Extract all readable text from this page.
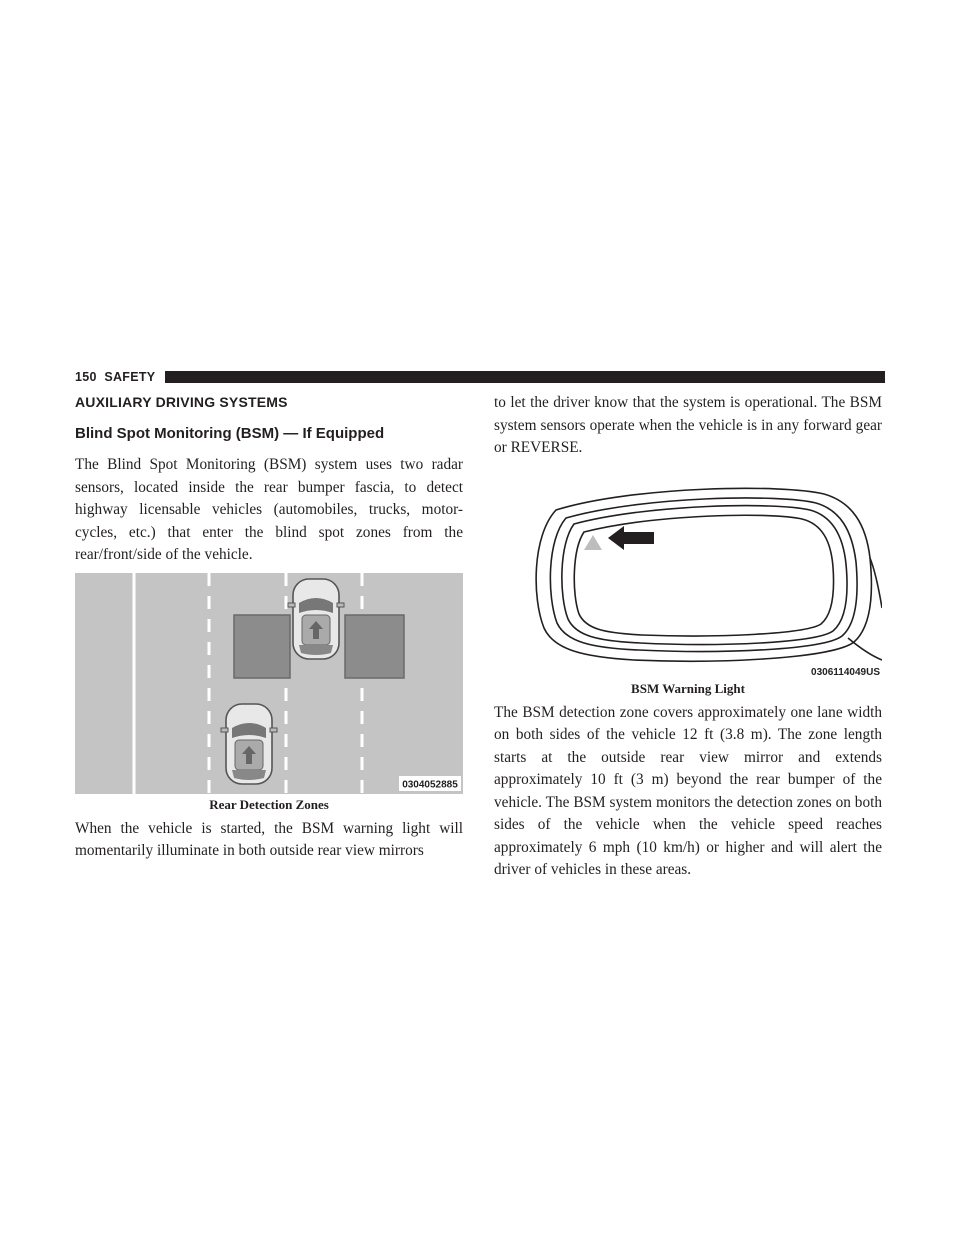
150 SAFETY
AUXILIARY DRIVING SYSTEMS
Blind Spot Monitoring (BSM) — If Equipped

The Blind Spot Monitoring (BSM) system uses two radar sensors, located inside the rear bumper fascia, to detect highway licensable vehicles (automobiles, trucks, motor-cycles, etc.) that enter the blind spot zones from the rear/front/side of the vehicle.

0304052885
Rear Detection Zones

When the vehicle is started, the BSM warning light will momentarily illuminate in both outside rear view mirrors

to let the driver know that the system is operational. The BSM system sensors operate when the vehicle is in any forward gear or REVERSE.

0306114049US
BSM Warning Light

The BSM detection zone covers approximately one lane width on both sides of the vehicle 12 ft (3.8 m). The zone length starts at the outside rear view mirror and extends approximately 10 ft (3 m) beyond the rear bumper of the vehicle. The BSM system monitors the detection zones on both sides of the vehicle when the vehicle speed reaches approximately 6 mph (10 km/h) or higher and will alert the driver of vehicles in these areas.
